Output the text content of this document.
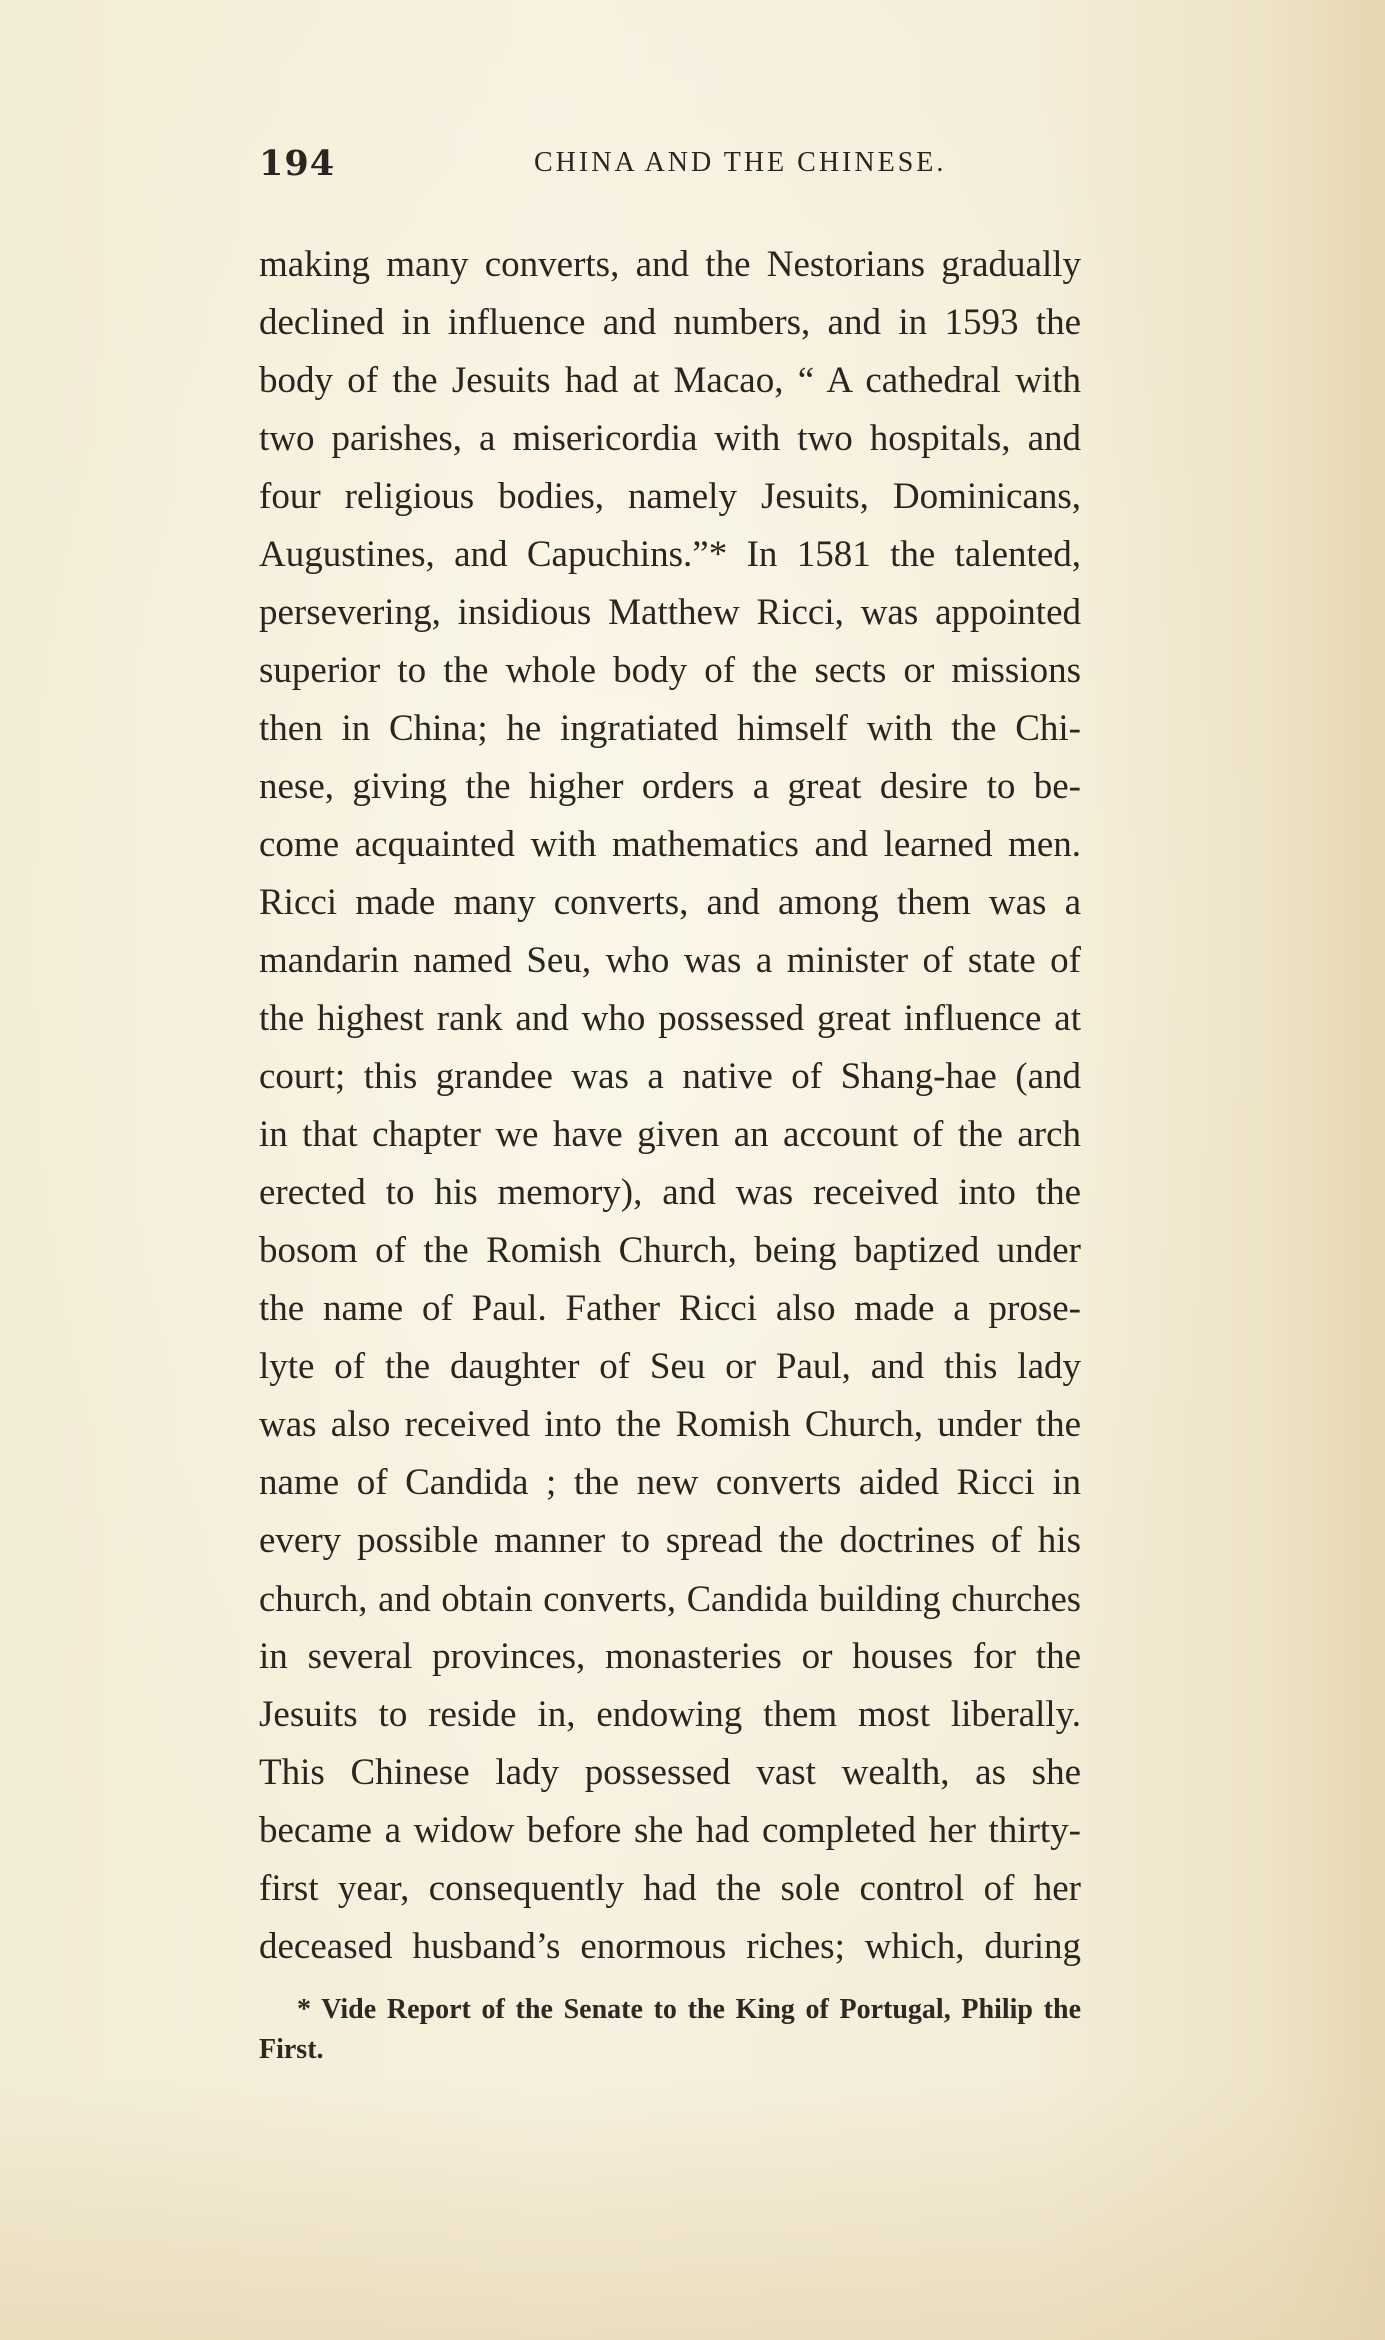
194	CHINA AND THE CHINESE.
making many converts, and the Nestorians gradually
declined in influence and numbers, and in 1593 the
body of the Jesuits had at Macao, “ A cathedral with
two parishes, a misericordia with two hospitals, and
four religious bodies, namely Jesuits, Dominicans,
Augustines, and Capuchins.”* In 1581 the talented,
persevering, insidious Matthew Ricci, was appointed
superior to the whole body of the sects or missions
then in China; he ingratiated himself with the Chi-
nese, giving the higher orders a great desire to be-
come acquainted with mathematics and learned men.
Ricci made many converts, and among them was a
mandarin named Seu, who was a minister of state of
the highest rank and who possessed great influence at
court; this grandee was a native of Shang-hae (and
in that chapter we have given an account of the arch
erected to his memory), and was received into the
bosom of the Romish Church, being baptized under
the name of Paul. Father Ricci also made a prose-
lyte of the daughter of Seu or Paul, and this lady
was also received into the Romish Church, under the
name of Candida ; the new converts aided Ricci in
every possible manner to spread the doctrines of his
church, and obtain converts, Candida building churches
in several provinces, monasteries or houses for the
Jesuits to reside in, endowing them most liberally.
This Chinese lady possessed vast wealth, as she
became a widow before she had completed her thirty-
first year, consequently had the sole control of her
deceased husband’s enormous riches; which, during
* Vide Report of the Senate to the King of Portugal, Philip the
First.
